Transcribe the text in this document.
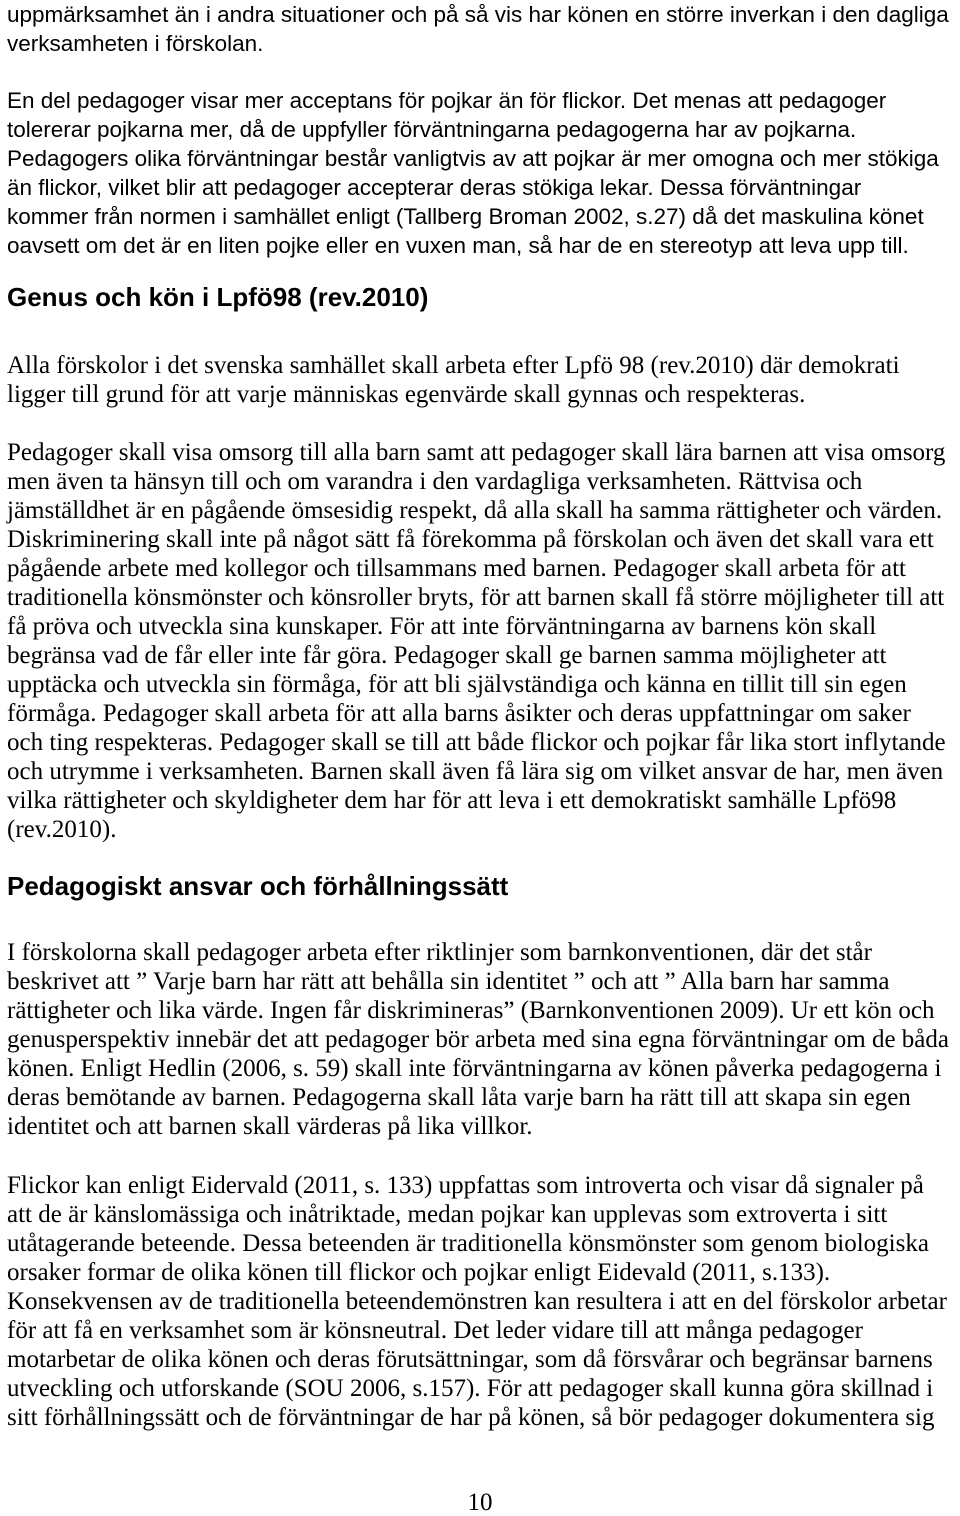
uppmärksamhet än i andra situationer och på så vis har könen en större inverkan i den dagliga
verksamheten i förskolan.
En del pedagoger visar mer acceptans för pojkar än för flickor. Det menas att pedagoger
tolererar pojkarna mer, då de uppfyller förväntningarna pedagogerna har av pojkarna.
Pedagogers olika förväntningar består vanligtvis av att pojkar är mer omogna och mer stökiga
än flickor, vilket blir att pedagoger accepterar deras stökiga lekar. Dessa förväntningar
kommer från normen i samhället enligt (Tallberg Broman 2002, s.27) då det maskulina könet
oavsett om det är en liten pojke eller en vuxen man, så har de en stereotyp att leva upp till.
Genus och kön i Lpfö98 (rev.2010)
Alla förskolor i det svenska samhället skall arbeta efter Lpfö 98 (rev.2010) där demokrati
ligger till grund för att varje människas egenvärde skall gynnas och respekteras.
Pedagoger skall visa omsorg till alla barn samt att pedagoger skall lära barnen att visa omsorg
men även ta hänsyn till och om varandra i den vardagliga verksamheten. Rättvisa och
jämställdhet är en pågående ömsesidig respekt, då alla skall ha samma rättigheter och värden.
Diskriminering skall inte på något sätt få förekomma på förskolan och även det skall vara ett
pågående arbete med kollegor och tillsammans med barnen. Pedagoger skall arbeta för att
traditionella könsmönster och könsroller bryts, för att barnen skall få större möjligheter till att
få pröva och utveckla sina kunskaper. För att inte förväntningarna av barnens kön skall
begränsa vad de får eller inte får göra. Pedagoger skall ge barnen samma möjligheter att
upptäcka och utveckla sin förmåga, för att bli självständiga och känna en tillit till sin egen
förmåga. Pedagoger skall arbeta för att alla barns åsikter och deras uppfattningar om saker
och ting respekteras. Pedagoger skall se till att både flickor och pojkar får lika stort inflytande
och utrymme i verksamheten. Barnen skall även få lära sig om vilket ansvar de har, men även
vilka rättigheter och skyldigheter dem har för att leva i ett demokratiskt samhälle Lpfö98
(rev.2010).
Pedagogiskt ansvar och förhållningssätt
I förskolorna skall pedagoger arbeta efter riktlinjer som barnkonventionen, där det står
beskrivet att ” Varje barn har rätt att behålla sin identitet ” och att ” Alla barn har samma
rättigheter och lika värde. Ingen får diskrimineras” (Barnkonventionen 2009). Ur ett kön och
genusperspektiv innebär det att pedagoger bör arbeta med sina egna förväntningar om de båda
könen. Enligt Hedlin (2006, s. 59) skall inte förväntningarna av könen påverka pedagogerna i
deras bemötande av barnen. Pedagogerna skall låta varje barn ha rätt till att skapa sin egen
identitet och att barnen skall värderas på lika villkor.
Flickor kan enligt Eidervald (2011, s. 133) uppfattas som introverta och visar då signaler på
att de är känslomässiga och inåtriktade, medan pojkar kan upplevas som extroverta i sitt
utåtagerande beteende. Dessa beteenden är traditionella könsmönster som genom biologiska
orsaker formar de olika könen till flickor och pojkar enligt Eidevald (2011, s.133).
Konsekvensen av de traditionella beteendemönstren kan resultera i att en del förskolor arbetar
för att få en verksamhet som är könsneutral. Det leder vidare till att många pedagoger
motarbetar de olika könen och deras förutsättningar, som då försvårar och begränsar barnens
utveckling och utforskande (SOU 2006, s.157). För att pedagoger skall kunna göra skillnad i
sitt förhållningssätt och de förväntningar de har på könen, så bör pedagoger dokumentera sig
10
